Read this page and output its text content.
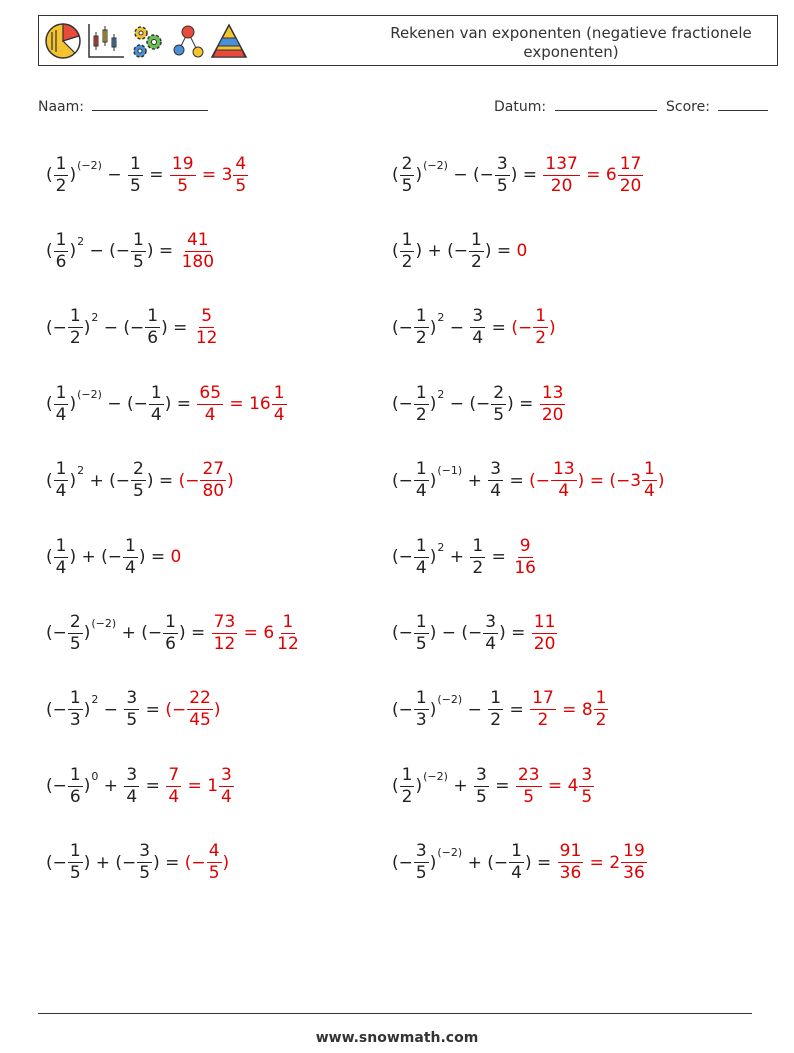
Rekenen van exponenten (negatieve fractionele exponenten)
Naam:	Datum:	Score:
( $\frac{1}{2}$ ) $(-2) - \frac{1}{5} = \frac{19}{5} = 3 \frac{4}{5}$	( $\frac{2}{5}$ ) (−2) − (− $\frac{3}{5}$ ) = $\frac{137}{20} = 6 \frac{17}{20}$
( $\frac{1}{6}$ ) 2 − (− $\frac{1}{5}$ ) = $\frac{41}{180}$	( $\frac{1}{2}$ ) + (− $\frac{1}{2}$ ) = 0
(− $\frac{1}{2}$ ) 2 − (− $\frac{1}{6}$ ) = $\frac{5}{12}$	(− $\frac{1}{2}$ ) $2 - \frac{3}{4}$ = (− $\frac{1}{2}$ )
( $\frac{1}{4}$ ) (−2) − (− $\frac{1}{4}$ ) = $\frac{65}{4} = 16 \frac{1}{4}$	(− $\frac{1}{2}$ ) 2 − (− $\frac{2}{5}$ ) = $\frac{13}{20}$
( $\frac{1}{4}$ ) 2 + (− $\frac{2}{5}$ ) = (− $\frac{27}{80}$ )	(− $\frac{1}{4}$ ) $(-1) + \frac{3}{4}$ = (− $\frac{13}{4}$ ) = ($-3 \frac{1}{4}$ )
( $\frac{1}{4}$ ) + (− $\frac{1}{4}$ ) = 0	(− $\frac{1}{4}$ ) $2 + \frac{1}{2} = \frac{9}{16}$
(− $\frac{2}{5}$ ) (−2) + (− $\frac{1}{6}$ ) = $\frac{73}{12} = 6 \frac{1}{12}$	(− $\frac{1}{5}$ ) − (− $\frac{3}{4}$ ) = $\frac{11}{20}$
(− $\frac{1}{3}$ ) $2 - \frac{3}{5}$ = (− $\frac{22}{45}$ )	(− $\frac{1}{3}$ ) $(-2) - \frac{1}{2} = \frac{17}{2} = 8 \frac{1}{2}$
(− $\frac{1}{6}$ ) $0 + \frac{3}{4} = \frac{7}{4} = 1 \frac{3}{4}$	( $\frac{1}{2}$ ) $(-2) + \frac{3}{5} = \frac{23}{5} = 4 \frac{3}{5}$
(− $\frac{1}{5}$ ) + (− $\frac{3}{5}$ ) = (− $\frac{4}{5}$ )	(− $\frac{3}{5}$ ) (−2) + (− $\frac{1}{4}$ ) = $\frac{91}{36} = 2 \frac{19}{36}$
www.snowmath.com
